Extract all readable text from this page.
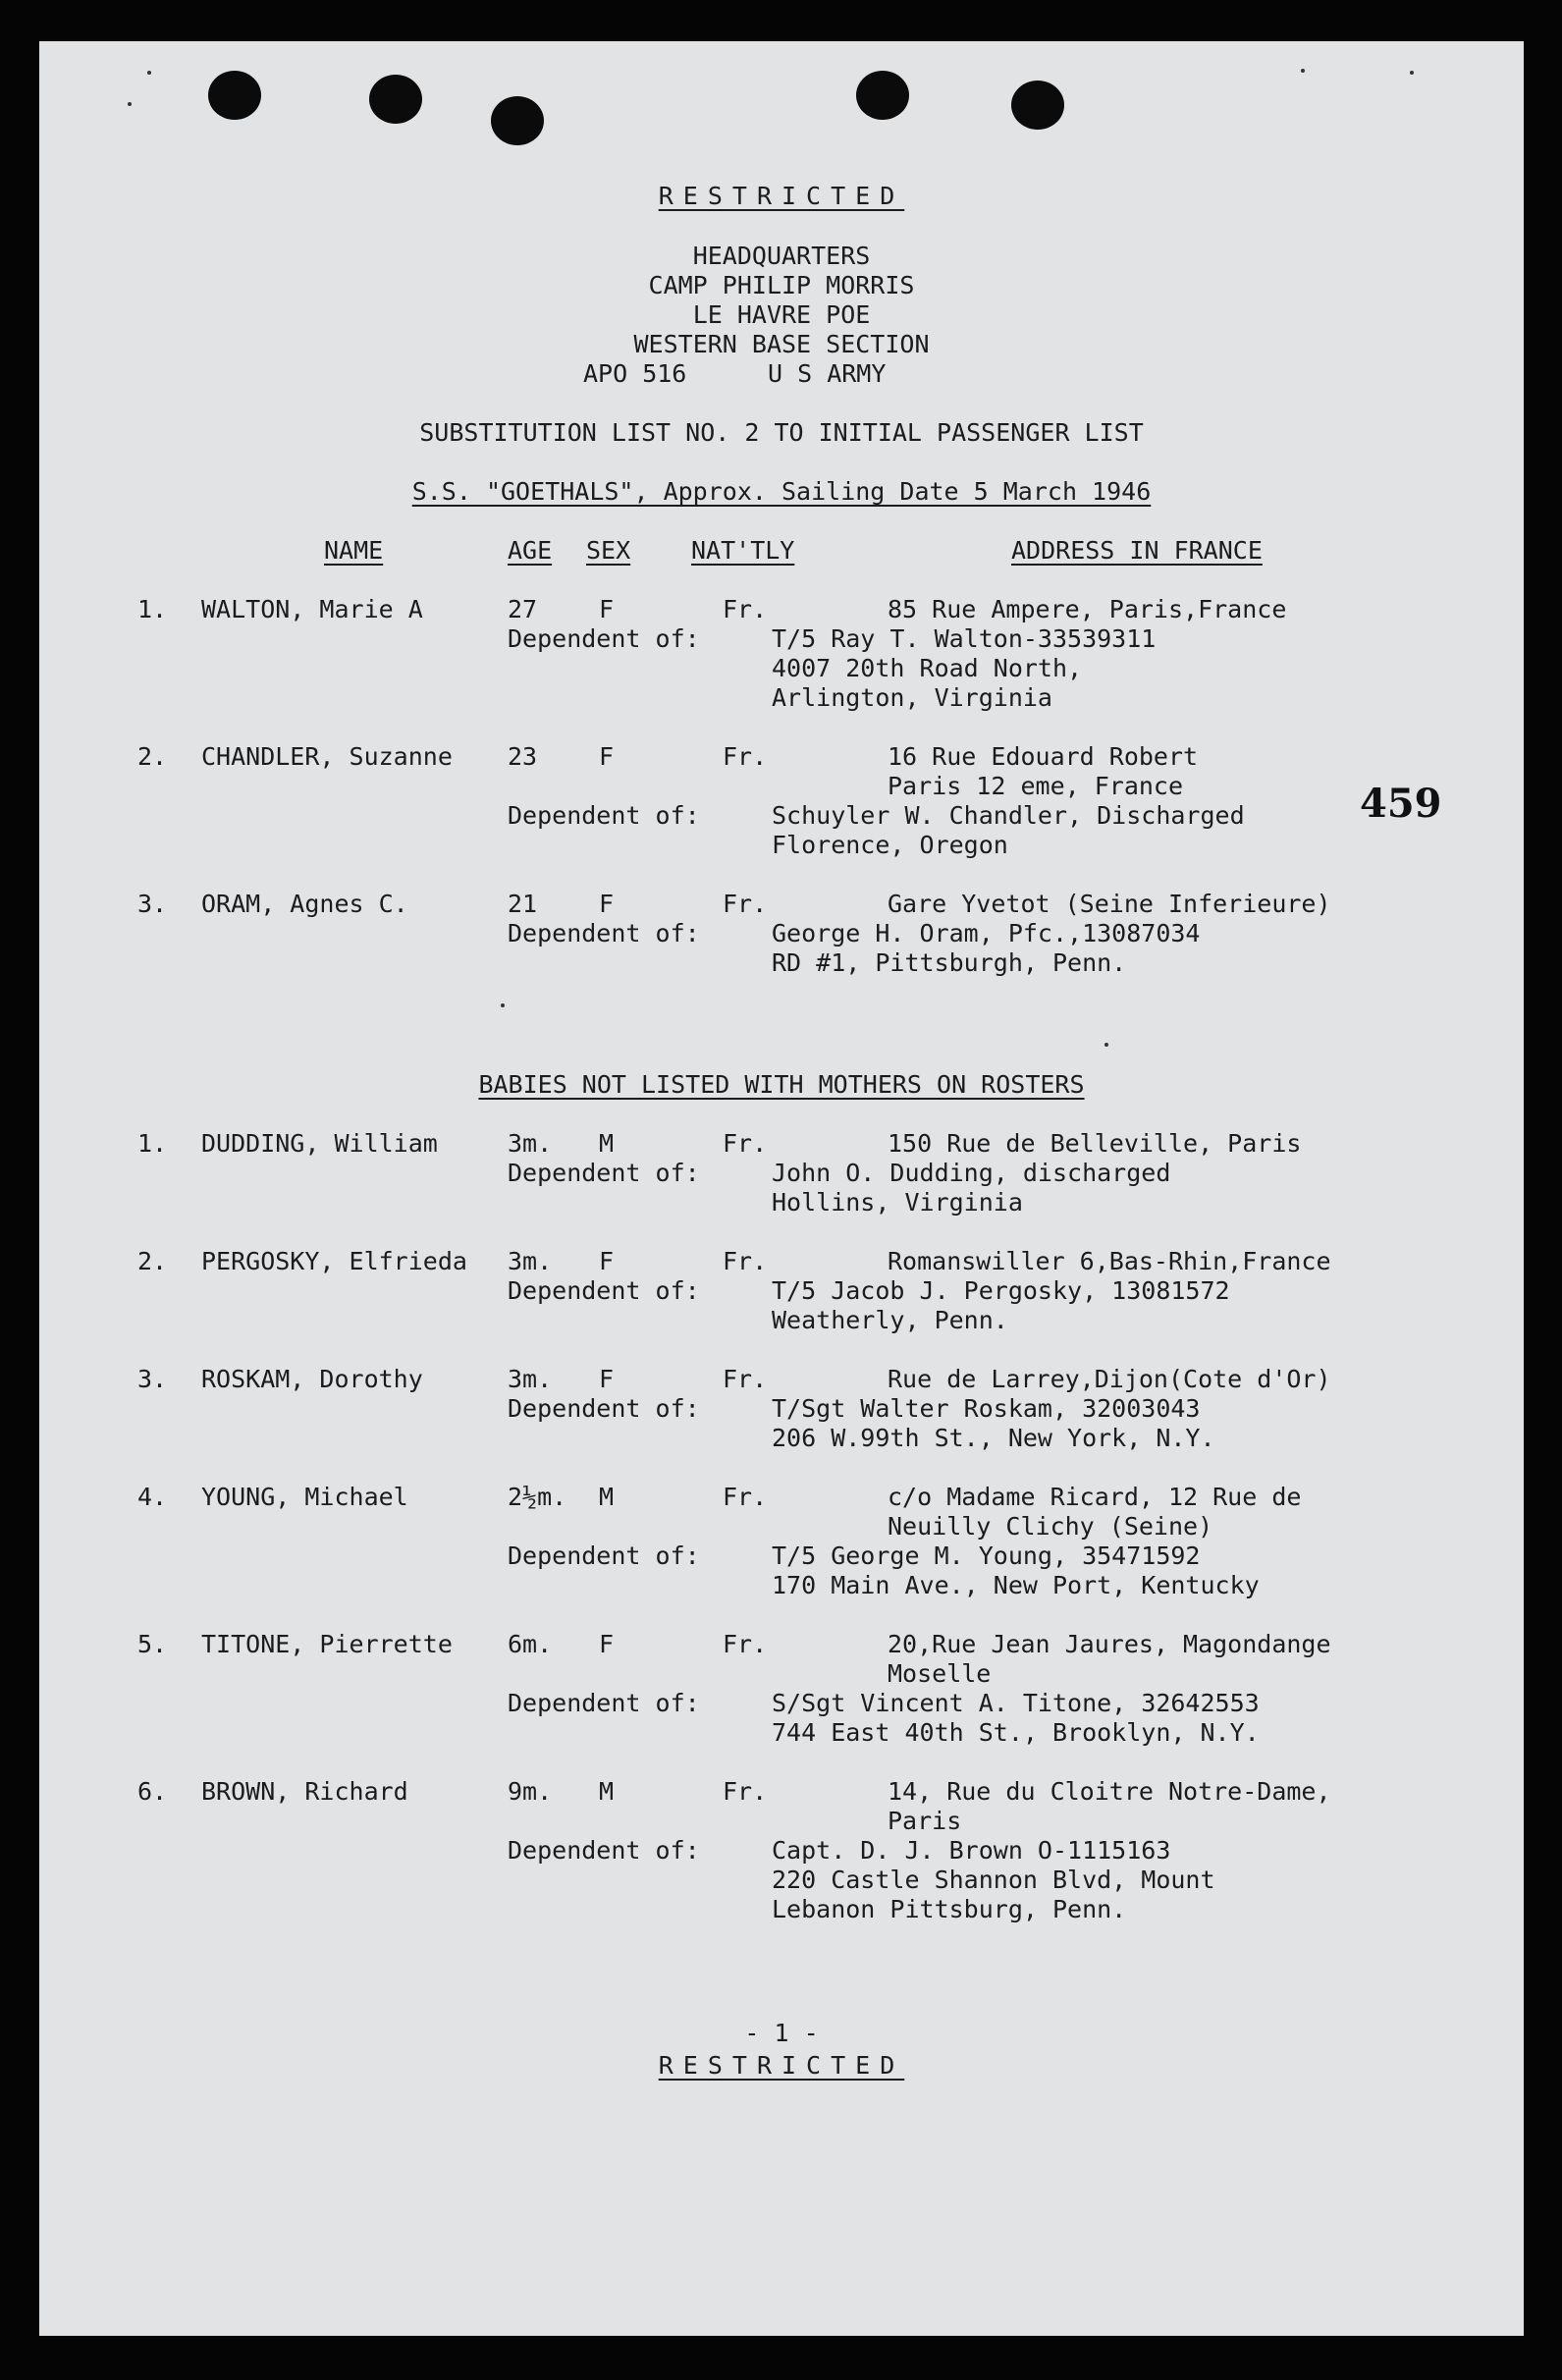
RESTRICTED
HEADQUARTERS
CAMP PHILIP MORRIS
LE HAVRE POE
WESTERN BASE SECTION
APO 516	U S ARMY
SUBSTITUTION LIST NO. 2 TO INITIAL PASSENGER LIST
S.S. "GOETHALS", Approx. Sailing Date 5 March 1946
NAME	AGE SEX NAT'TLY	ADDRESS IN FRANCE
1. WALTON, Marie A	27	F	Fr.	85 Rue Ampere, Paris,France
Dependent of:	T/5 Ray T. Walton-33539311
4007 20th Road North,
Arlington, Virginia
2. CHANDLER, Suzanne 23	F	Fr.	16 Rue Edouard Robert
Paris 12 eme, France
Dependent of:	Schuyler W. Chandler, Discharged
Florence, Oregon
3. ORAM, Agnes C.	21	F	Fr.	Gare Yvetot (Seine Inferieure)
Dependent of:	George H. Oram, Pfc.,13087034
RD #1, Pittsburgh, Penn.
459
BABIES NOT LISTED WITH MOTHERS ON ROSTERS
1. DUDDING, William	3m. M	Fr.	150 Rue de Belleville, Paris
Dependent of:	John O. Dudding, discharged
Hollins, Virginia
2. PERGOSKY, Elfrieda 3m. F	Fr.	Romanswiller 6,Bas-Rhin,France
Dependent of:	T/5 Jacob J. Pergosky, 13081572
Weatherly, Penn.
3. ROSKAM, Dorothy	3m. F	Fr.	Rue de Larrey,Dijon(Cote d'Or)
Dependent of:	T/Sgt Walter Roskam, 32003043
206 W.99th St., New York, N.Y.
4. YOUNG, Michael	2½m. M	Fr.	c/o Madame Ricard, 12 Rue de
Neuilly Clichy (Seine)
Dependent of:	T/5 George M. Young, 35471592
170 Main Ave., New Port, Kentucky
5. TITONE, Pierrette 6m. F	Fr.	20,Rue Jean Jaures, Magondange
Moselle
Dependent of:	S/Sgt Vincent A. Titone, 32642553
744 East 40th St., Brooklyn, N.Y.
6. BROWN, Richard	9m. M	Fr.	14, Rue du Cloitre Notre-Dame,
Paris
Dependent of:	Capt. D. J. Brown O-1115163
220 Castle Shannon Blvd, Mount
Lebanon Pittsburg, Penn.
- 1 -
RESTRICTED
